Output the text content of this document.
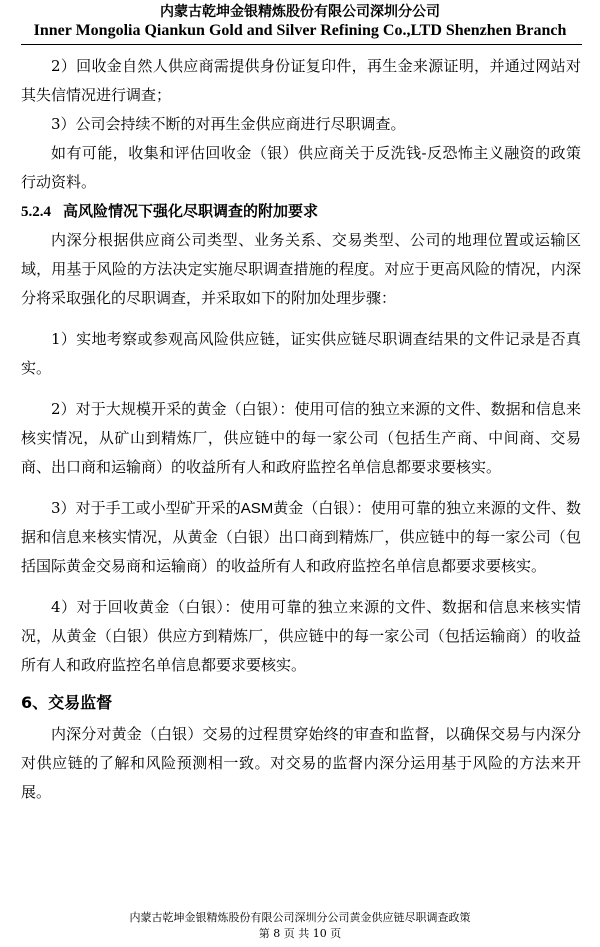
内蒙古乾坤金银精炼股份有限公司深圳分公司
Inner Mongolia Qiankun Gold and Silver Refining Co.,LTD Shenzhen Branch

2）回收金自然人供应商需提供身份证复印件，再生金来源证明，并通过网站对其失信情况进行调查；

3）公司会持续不断的对再生金供应商进行尽职调查。

如有可能，收集和评估回收金（银）供应商关于反洗钱-反恐怖主义融资的政策行动资料。

5.2.4 高风险情况下强化尽职调查的附加要求

内深分根据供应商公司类型、业务关系、交易类型、公司的地理位置或运输区域，用基于风险的方法决定实施尽职调查措施的程度。对应于更高风险的情况，内深分将采取强化的尽职调查，并采取如下的附加处理步骤：

1）实地考察或参观高风险供应链，证实供应链尽职调查结果的文件记录是否真实。

2）对于大规模开采的黄金（白银）：使用可信的独立来源的文件、数据和信息来核实情况，从矿山到精炼厂，供应链中的每一家公司（包括生产商、中间商、交易商、出口商和运输商）的收益所有人和政府监控名单信息都要求要核实。

3）对于手工或小型矿开采的ASM黄金（白银）：使用可靠的独立来源的文件、数据和信息来核实情况，从黄金（白银）出口商到精炼厂，供应链中的每一家公司（包括国际黄金交易商和运输商）的收益所有人和政府监控名单信息都要求要核实。

4）对于回收黄金（白银）：使用可靠的独立来源的文件、数据和信息来核实情况，从黄金（白银）供应方到精炼厂，供应链中的每一家公司（包括运输商）的收益所有人和政府监控名单信息都要求要核实。

6、交易监督

内深分对黄金（白银）交易的过程贯穿始终的审查和监督，以确保交易与内深分对供应链的了解和风险预测相一致。对交易的监督内深分运用基于风险的方法来开展。

内蒙古乾坤金银精炼股份有限公司深圳分公司黄金供应链尽职调查政策
第 8 页 共 10 页
